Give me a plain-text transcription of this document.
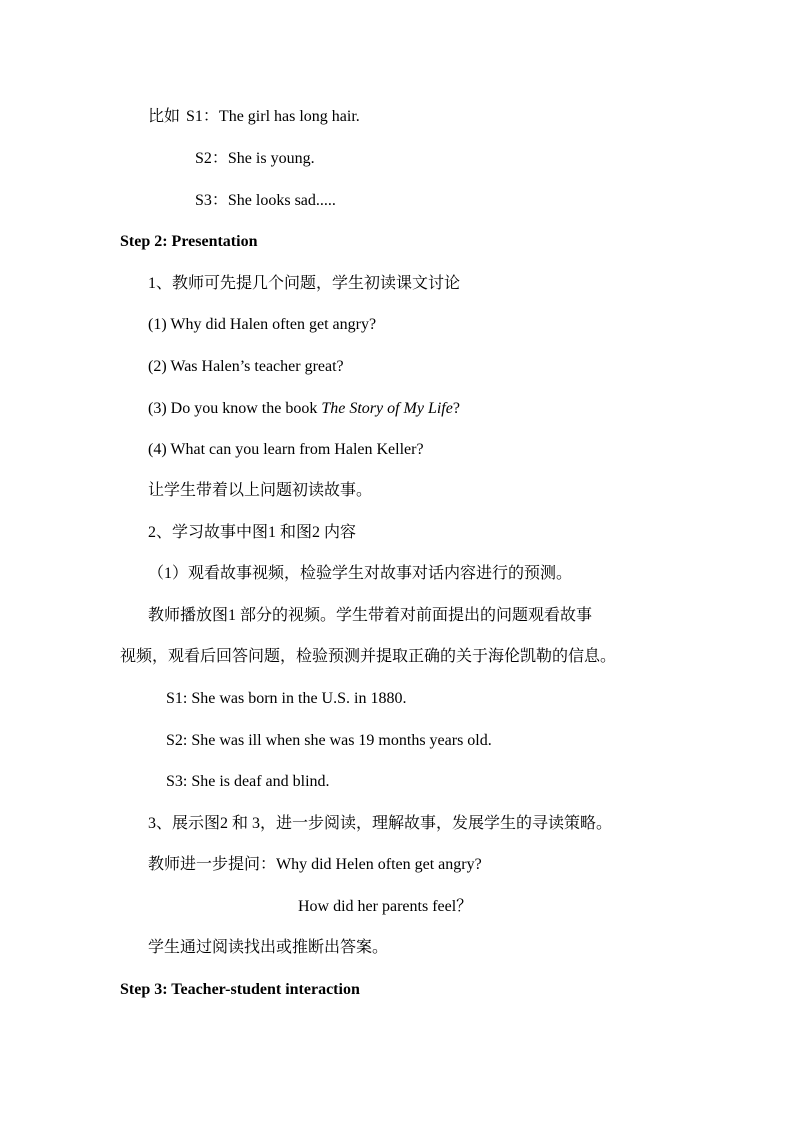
比如 S1：The girl has long hair.
S2：She is young.
S3：She looks sad.....
Step 2: Presentation
1、教师可先提几个问题，学生初读课文讨论
(1) Why did Halen often get angry?
(2) Was Halen’s teacher great?
(3) Do you know the book The Story of My Life?
(4) What can you learn from Halen Keller?
让学生带着以上问题初读故事。
2、学习故事中图1 和图2 内容
（1）观看故事视频，检验学生对故事对话内容进行的预测。
教师播放图1 部分的视频。学生带着对前面提出的问题观看故事
视频，观看后回答问题，检验预测并提取正确的关于海伦凯勒的信息。
S1: She was born in the U.S. in 1880.
S2: She was ill when she was 19 months years old.
S3: She is deaf and blind.
3、展示图2 和 3，进一步阅读，理解故事，发展学生的寻读策略。
教师进一步提问：Why did Helen often get angry?
How did her parents feel？
学生通过阅读找出或推断出答案。
Step 3: Teacher-student interaction
